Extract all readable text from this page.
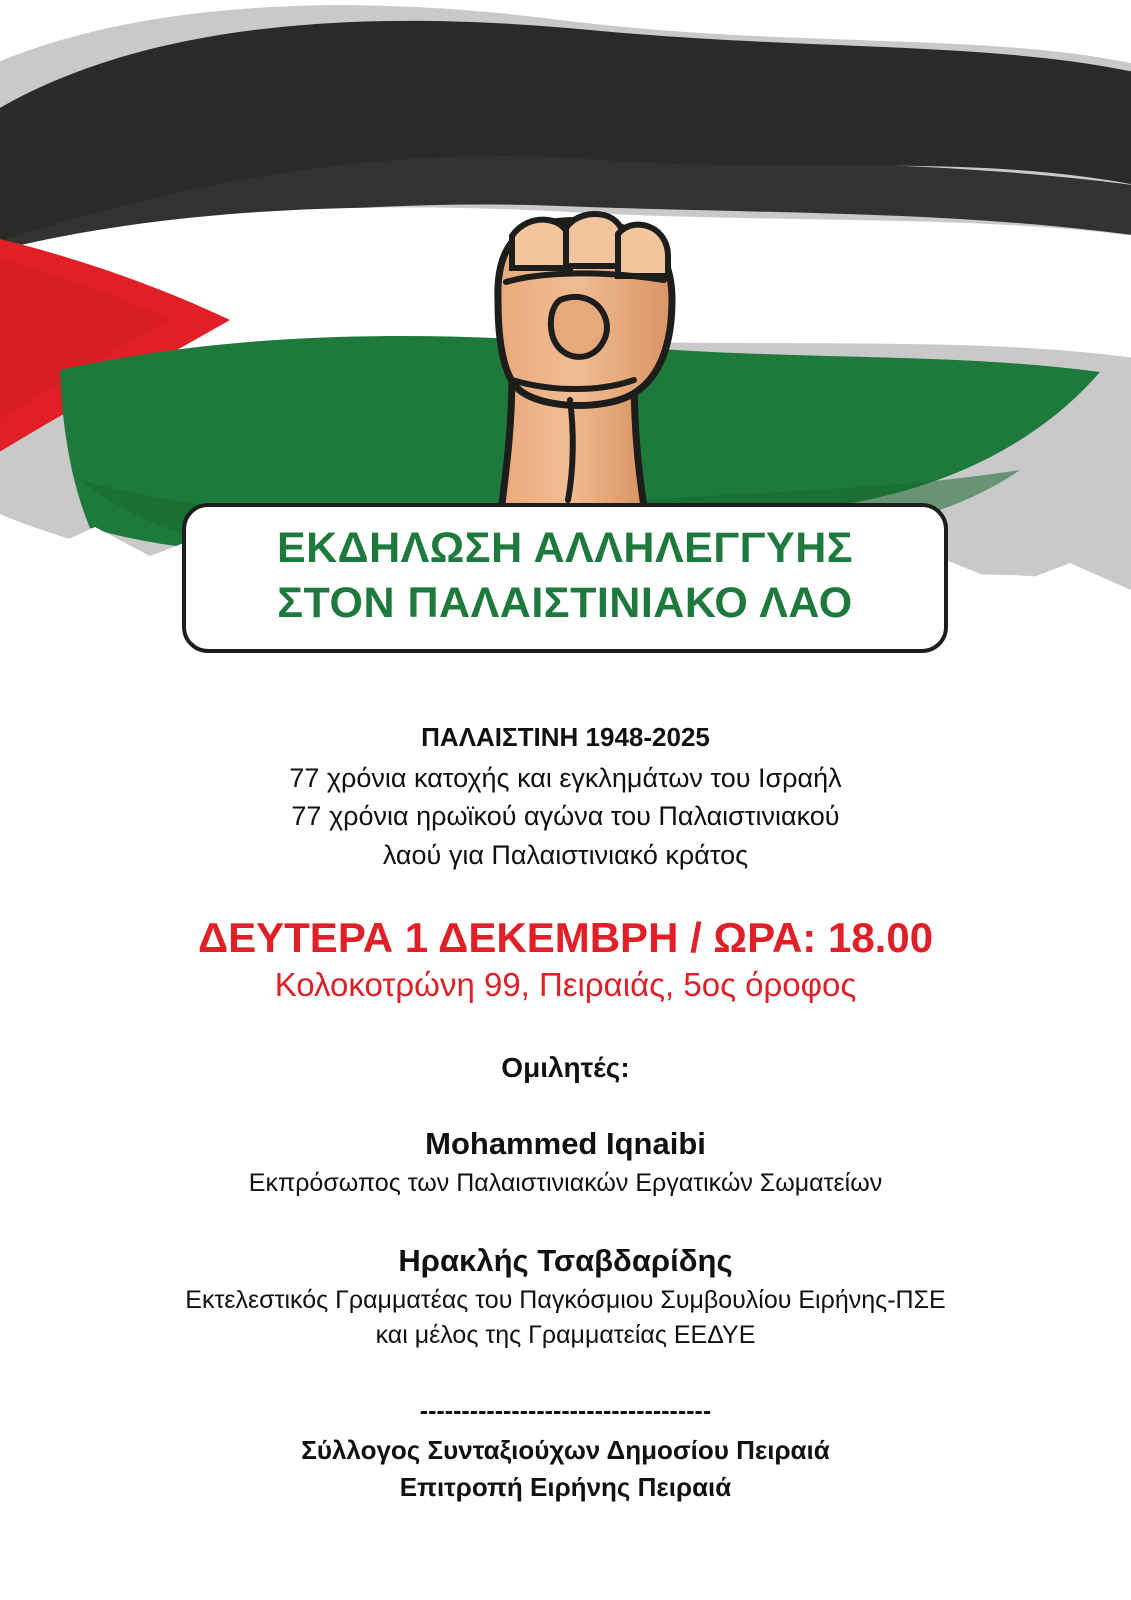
ΕΚΔΗΛΩΣΗ ΑΛΛΗΛΕΓΓΥΗΣ
ΣΤΟΝ ΠΑΛΑΙΣΤΙΝΙΑΚΟ ΛΑΟ
ΠΑΛΑΙΣΤΙΝΗ 1948-2025
77 χρόνια κατοχής και εγκλημάτων του Ισραήλ
77 χρόνια ηρωϊκού αγώνα του Παλαιστινιακού
λαού για Παλαιστινιακό κράτος
ΔΕΥΤΕΡΑ 1 ΔΕΚΕΜΒΡΗ / ΩΡΑ: 18.00
Κολοκοτρώνη 99, Πειραιάς, 5ος όροφος
Ομιλητές:
Mohammed Iqnaibi
Εκπρόσωπος των Παλαιστινιακών Εργατικών Σωματείων
Ηρακλής Τσαβδαρίδης
Εκτελεστικός Γραμματέας του Παγκόσμιου Συμβουλίου Ειρήνης-ΠΣΕ
και μέλος της Γραμματείας ΕΕΔΥΕ
-----------------------------------
Σύλλογος Συνταξιούχων Δημοσίου Πειραιά
Επιτροπή Ειρήνης Πειραιά
